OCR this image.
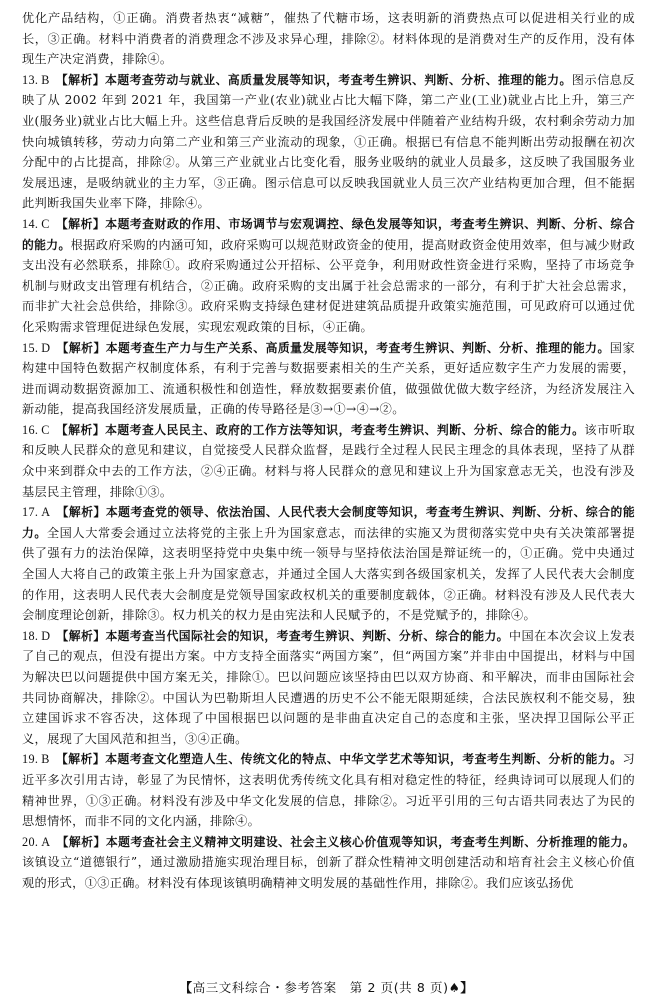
优化产品结构，①正确。消费者热衷“减糖”，催热了代糖市场，这表明新的消费热点可以促进相关行业的成长，③正确。材料中消费者的消费理念不涉及求异心理，排除②。材料体现的是消费对生产的反作用，没有体现生产决定消费，排除④。

13. B 【解析】本题考查劳动与就业、高质量发展等知识，考查考生辨识、判断、分析、推理的能力。图示信息反映了从 2002 年到 2021 年，我国第一产业(农业)就业占比大幅下降，第二产业(工业)就业占比上升，第三产业(服务业)就业占比大幅上升。这些信息背后反映的是我国经济发展中伴随着产业结构升级，农村剩余劳动力加快向城镇转移，劳动力向第二产业和第三产业流动的现象，①正确。根据已有信息不能判断出劳动报酬在初次分配中的占比提高，排除②。从第三产业就业占比变化看，服务业吸纳的就业人员最多，这反映了我国服务业发展迅速，是吸纳就业的主力军，③正确。图示信息可以反映我国就业人员三次产业结构更加合理，但不能据此判断我国失业率下降，排除④。

14. C 【解析】本题考查财政的作用、市场调节与宏观调控、绿色发展等知识，考查考生辨识、判断、分析、综合的能力。根据政府采购的内涵可知，政府采购可以规范财政资金的使用，提高财政资金使用效率，但与减少财政支出没有必然联系，排除①。政府采购通过公开招标、公平竞争，利用财政性资金进行采购，坚持了市场竞争机制与财政支出管理有机结合，②正确。政府采购的支出属于社会总需求的一部分，有利于扩大社会总需求，而非扩大社会总供给，排除③。政府采购支持绿色建材促进建筑品质提升政策实施范围，可见政府可以通过优化采购需求管理促进绿色发展，实现宏观政策的目标，④正确。

15. D 【解析】本题考查生产力与生产关系、高质量发展等知识，考查考生辨识、判断、分析、推理的能力。国家构建中国特色数据产权制度体系，有利于完善与数据要素相关的生产关系，更好适应数字生产力发展的需要，进而调动数据资源加工、流通积极性和创造性，释放数据要素价值，做强做优做大数字经济，为经济发展注入新动能，提高我国经济发展质量，正确的传导路径是③→①→④→②。

16. C 【解析】本题考查人民民主、政府的工作方法等知识，考查考生辨识、判断、分析、综合的能力。该市听取和反映人民群众的意见和建议，自觉接受人民群众监督，是践行全过程人民民主理念的具体表现，坚持了从群众中来到群众中去的工作方法，②④正确。材料与将人民群众的意见和建议上升为国家意志无关，也没有涉及基层民主管理，排除①③。

17. A 【解析】本题考查党的领导、依法治国、人民代表大会制度等知识，考查考生辨识、判断、分析、综合的能力。全国人大常委会通过立法将党的主张上升为国家意志，而法律的实施又为贯彻落实党中央有关决策部署提供了强有力的法治保障，这表明坚持党中央集中统一领导与坚持依法治国是辩证统一的，①正确。党中央通过全国人大将自己的政策主张上升为国家意志，并通过全国人大落实到各级国家机关，发挥了人民代表大会制度的作用，这表明人民代表大会制度是党领导国家政权机关的重要制度载体，②正确。材料没有涉及人民代表大会制度理论创新，排除③。权力机关的权力是由宪法和人民赋予的，不是党赋予的，排除④。

18. D 【解析】本题考查当代国际社会的知识，考查考生辨识、判断、分析、综合的能力。中国在本次会议上发表了自己的观点，但没有提出方案。中方支持全面落实“两国方案”，但“两国方案”并非由中国提出，材料与中国为解决巴以问题提供中国方案无关，排除①。巴以问题应该坚持由巴以双方协商、和平解决，而非由国际社会共同协商解决，排除②。中国认为巴勒斯坦人民遭遇的历史不公不能无限期延续，合法民族权利不能交易，独立建国诉求不容否决，这体现了中国根据巴以问题的是非曲直决定自己的态度和主张，坚决捍卫国际公平正义，展现了大国风范和担当，③④正确。

19. B 【解析】本题考查文化塑造人生、传统文化的特点、中华文学艺术等知识，考查考生判断、分析的能力。习近平多次引用古诗，彰显了为民情怀，这表明优秀传统文化具有相对稳定性的特征，经典诗词可以展现人们的精神世界，①③正确。材料没有涉及中华文化发展的信息，排除②。习近平引用的三句古语共同表达了为民的思想情怀，而非不同的文化内涵，排除④。

20. A 【解析】本题考查社会主义精神文明建设、社会主义核心价值观等知识，考查考生判断、分析推理的能力。该镇设立“道德银行”，通过激励措施实现治理目标，创新了群众性精神文明创建活动和培育社会主义核心价值观的形式，①③正确。材料没有体现该镇明确精神文明发展的基础性作用，排除②。我们应该弘扬优

【高三文科综合・参考答案　第 2 页(共 8 页)♠】
